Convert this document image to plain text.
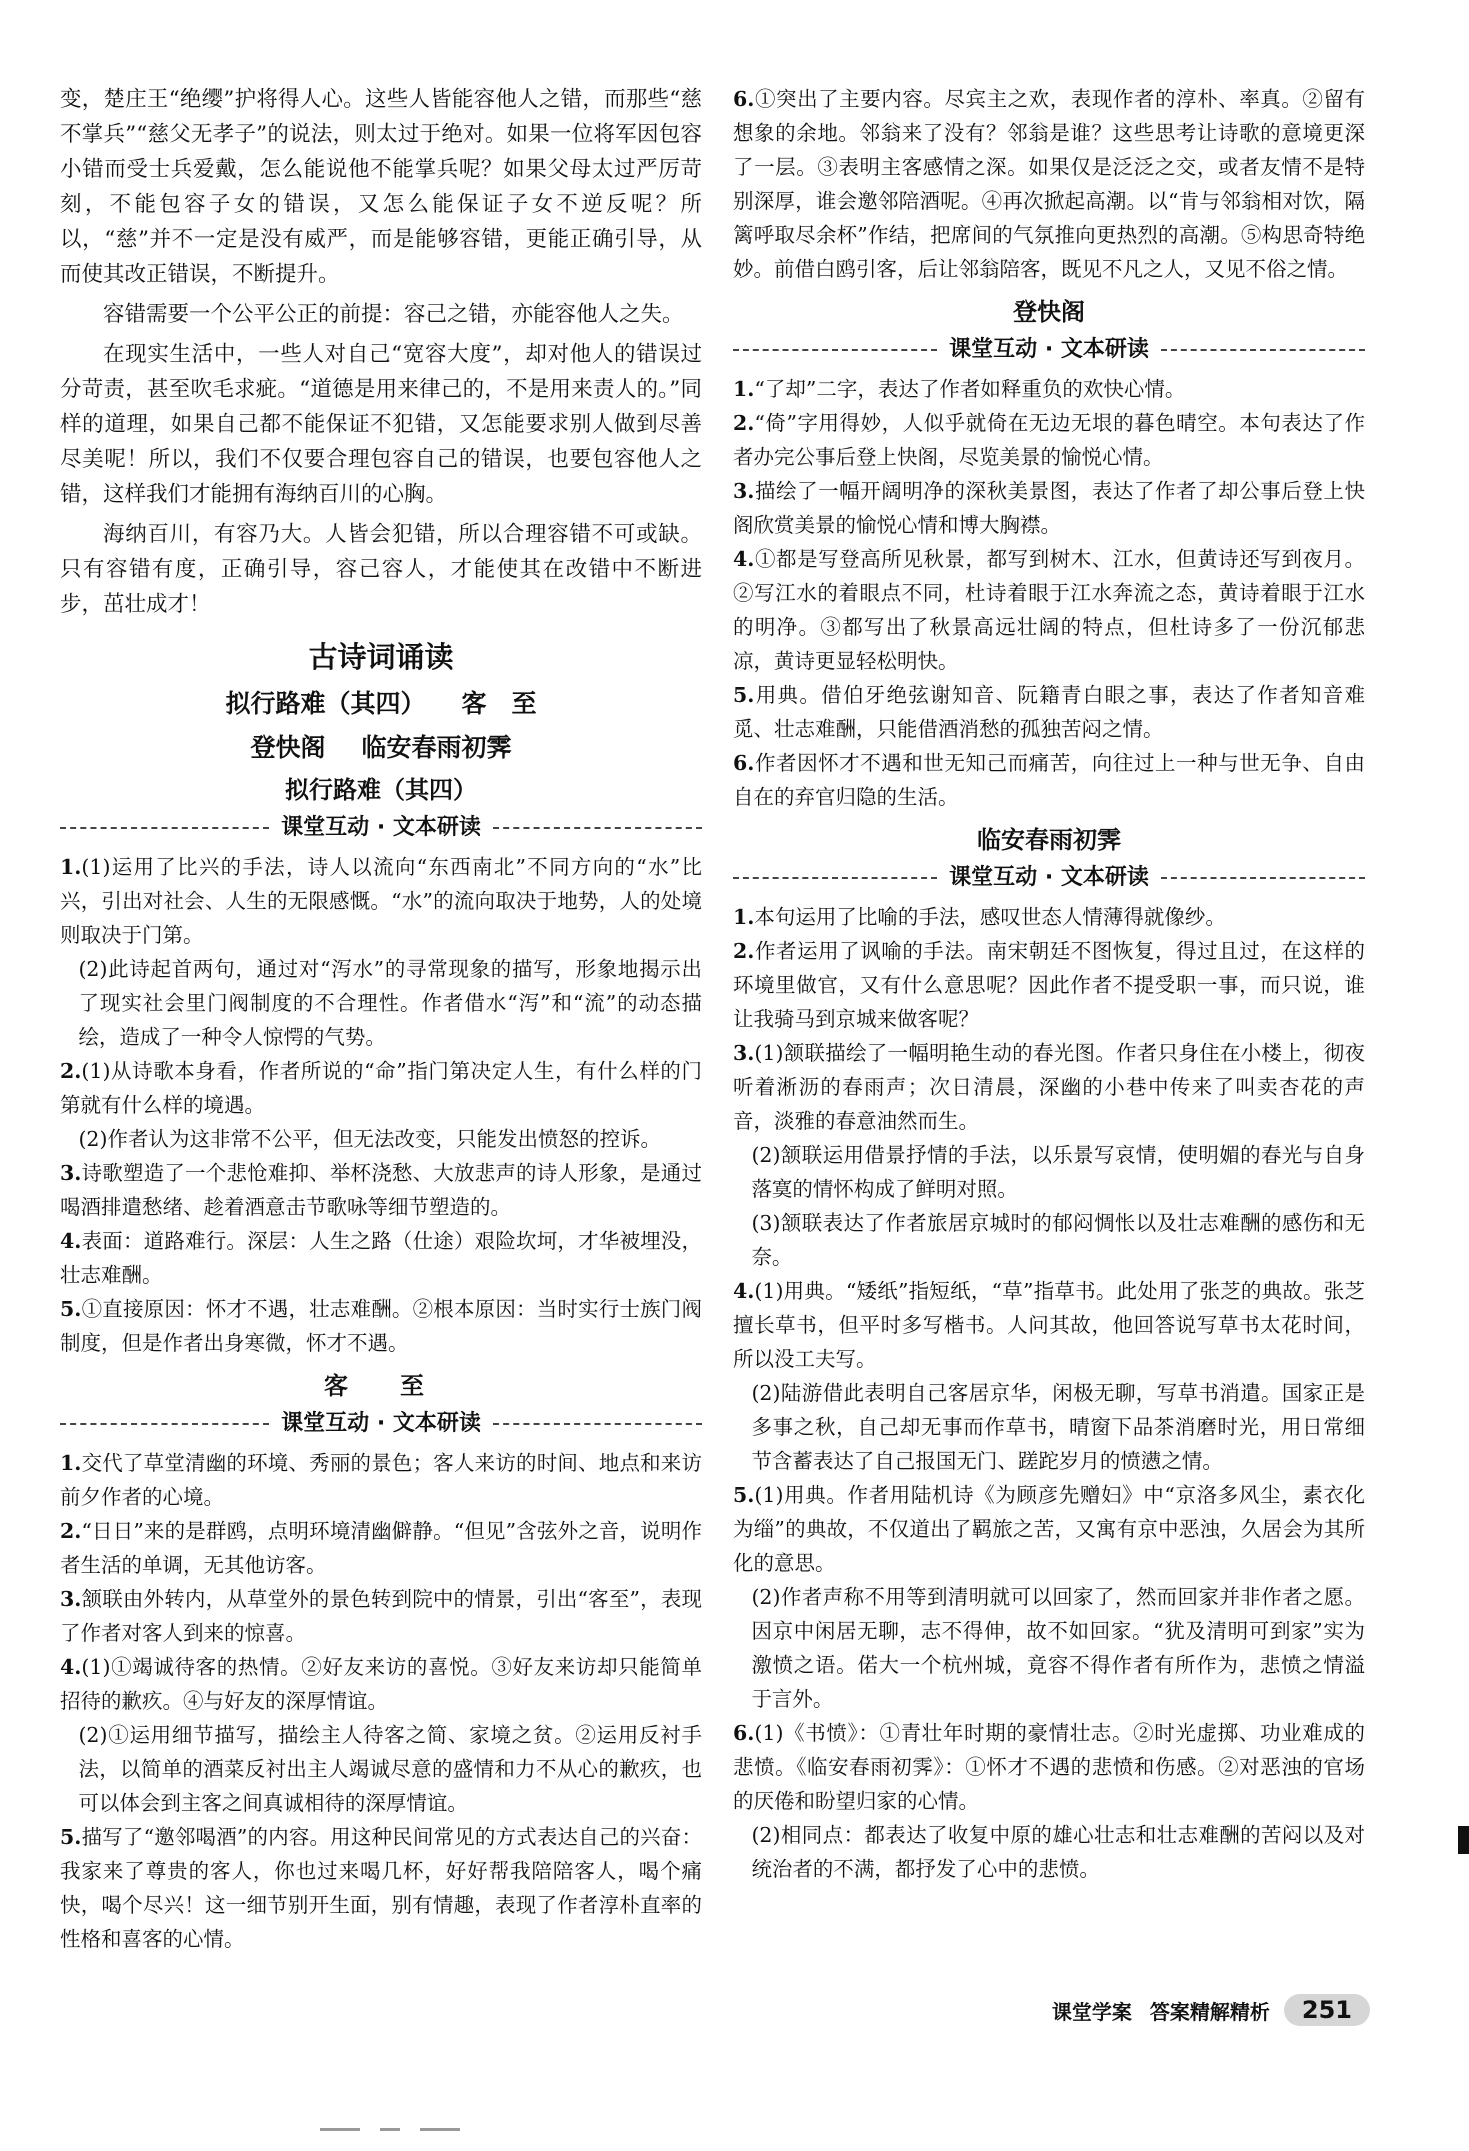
变，楚庄王“绝缨”护将得人心。这些人皆能容他人之错，而那些“慈不掌兵”“慈父无孝子”的说法，则太过于绝对。如果一位将军因包容小错而受士兵爱戴，怎么能说他不能掌兵呢？如果父母太过严厉苛刻，不能包容子女的错误，又怎么能保证子女不逆反呢？所以，“慈”并不一定是没有威严，而是能够容错，更能正确引导，从而使其改正错误，不断提升。

容错需要一个公平公正的前提：容己之错，亦能容他人之失。

在现实生活中，一些人对自己“宽容大度”，却对他人的错误过分苛责，甚至吹毛求疵。“道德是用来律己的，不是用来责人的。”同样的道理，如果自己都不能保证不犯错，又怎能要求别人做到尽善尽美呢！所以，我们不仅要合理包容自己的错误，也要包容他人之错，这样我们才能拥有海纳百川的心胸。

海纳百川，有容乃大。人皆会犯错，所以合理容错不可或缺。只有容错有度，正确引导，容己容人，才能使其在改错中不断进步，茁壮成才！

古诗词诵读
拟行路难（其四） 客　至
登快阁 临安春雨初霁
拟行路难（其四）
课堂互动 · 文本研读

1.(1)运用了比兴的手法，诗人以流向“东西南北”不同方向的“水”比兴，引出对社会、人生的无限感慨。“水”的流向取决于地势，人的处境则取决于门第。

(2)此诗起首两句，通过对“泻水”的寻常现象的描写，形象地揭示出了现实社会里门阀制度的不合理性。作者借水“泻”和“流”的动态描绘，造成了一种令人惊愕的气势。

2.(1)从诗歌本身看，作者所说的“命”指门第决定人生，有什么样的门第就有什么样的境遇。

(2)作者认为这非常不公平，但无法改变，只能发出愤怒的控诉。

3.诗歌塑造了一个悲怆难抑、举杯浇愁、大放悲声的诗人形象，是通过喝酒排遣愁绪、趁着酒意击节歌咏等细节塑造的。

4.表面：道路难行。深层：人生之路（仕途）艰险坎坷，才华被埋没，壮志难酬。

5.①直接原因：怀才不遇，壮志难酬。②根本原因：当时实行士族门阀制度，但是作者出身寒微，怀才不遇。

客　至
课堂互动 · 文本研读

1.交代了草堂清幽的环境、秀丽的景色；客人来访的时间、地点和来访前夕作者的心境。

2.“日日”来的是群鸥，点明环境清幽僻静。“但见”含弦外之音，说明作者生活的单调，无其他访客。

3.颔联由外转内，从草堂外的景色转到院中的情景，引出“客至”，表现了作者对客人到来的惊喜。

4.(1)①竭诚待客的热情。②好友来访的喜悦。③好友来访却只能简单招待的歉疚。④与好友的深厚情谊。

(2)①运用细节描写，描绘主人待客之简、家境之贫。②运用反衬手法，以简单的酒菜反衬出主人竭诚尽意的盛情和力不从心的歉疚，也可以体会到主客之间真诚相待的深厚情谊。

5.描写了“邀邻喝酒”的内容。用这种民间常见的方式表达自己的兴奋：我家来了尊贵的客人，你也过来喝几杯，好好帮我陪陪客人，喝个痛快，喝个尽兴！这一细节别开生面，别有情趣，表现了作者淳朴直率的性格和喜客的心情。

6.①突出了主要内容。尽宾主之欢，表现作者的淳朴、率真。②留有想象的余地。邻翁来了没有？邻翁是谁？这些思考让诗歌的意境更深了一层。③表明主客感情之深。如果仅是泛泛之交，或者友情不是特别深厚，谁会邀邻陪酒呢。④再次掀起高潮。以“肯与邻翁相对饮，隔篱呼取尽余杯”作结，把席间的气氛推向更热烈的高潮。⑤构思奇特绝妙。前借白鸥引客，后让邻翁陪客，既见不凡之人，又见不俗之情。

登快阁
课堂互动 · 文本研读

1.“了却”二字，表达了作者如释重负的欢快心情。

2.“倚”字用得妙，人似乎就倚在无边无垠的暮色晴空。本句表达了作者办完公事后登上快阁，尽览美景的愉悦心情。

3.描绘了一幅开阔明净的深秋美景图，表达了作者了却公事后登上快阁欣赏美景的愉悦心情和博大胸襟。

4.①都是写登高所见秋景，都写到树木、江水，但黄诗还写到夜月。②写江水的着眼点不同，杜诗着眼于江水奔流之态，黄诗着眼于江水的明净。③都写出了秋景高远壮阔的特点，但杜诗多了一份沉郁悲凉，黄诗更显轻松明快。

5.用典。借伯牙绝弦谢知音、阮籍青白眼之事，表达了作者知音难觅、壮志难酬，只能借酒消愁的孤独苦闷之情。

6.作者因怀才不遇和世无知己而痛苦，向往过上一种与世无争、自由自在的弃官归隐的生活。

临安春雨初霁
课堂互动 · 文本研读

1.本句运用了比喻的手法，感叹世态人情薄得就像纱。

2.作者运用了讽喻的手法。南宋朝廷不图恢复，得过且过，在这样的环境里做官，又有什么意思呢？因此作者不提受职一事，而只说，谁让我骑马到京城来做客呢？

3.(1)颔联描绘了一幅明艳生动的春光图。作者只身住在小楼上，彻夜听着淅沥的春雨声；次日清晨，深幽的小巷中传来了叫卖杏花的声音，淡雅的春意油然而生。

(2)颔联运用借景抒情的手法，以乐景写哀情，使明媚的春光与自身落寞的情怀构成了鲜明对照。

(3)颔联表达了作者旅居京城时的郁闷惆怅以及壮志难酬的感伤和无奈。

4.(1)用典。“矮纸”指短纸，“草”指草书。此处用了张芝的典故。张芝擅长草书，但平时多写楷书。人问其故，他回答说写草书太花时间，所以没工夫写。

(2)陆游借此表明自己客居京华，闲极无聊，写草书消遣。国家正是多事之秋，自己却无事而作草书，晴窗下品茶消磨时光，用日常细节含蓄表达了自己报国无门、蹉跎岁月的愤懑之情。

5.(1)用典。作者用陆机诗《为顾彦先赠妇》中“京洛多风尘，素衣化为缁”的典故，不仅道出了羁旅之苦，又寓有京中恶浊，久居会为其所化的意思。

(2)作者声称不用等到清明就可以回家了，然而回家并非作者之愿。因京中闲居无聊，志不得伸，故不如回家。“犹及清明可到家”实为激愤之语。偌大一个杭州城，竟容不得作者有所作为，悲愤之情溢于言外。

6.(1)《书愤》：①青壮年时期的豪情壮志。②时光虚掷、功业难成的悲愤。《临安春雨初霁》：①怀才不遇的悲愤和伤感。②对恶浊的官场的厌倦和盼望归家的心情。

(2)相同点：都表达了收复中原的雄心壮志和壮志难酬的苦闷以及对统治者的不满，都抒发了心中的悲愤。

课堂学案 答案精解精析	251
